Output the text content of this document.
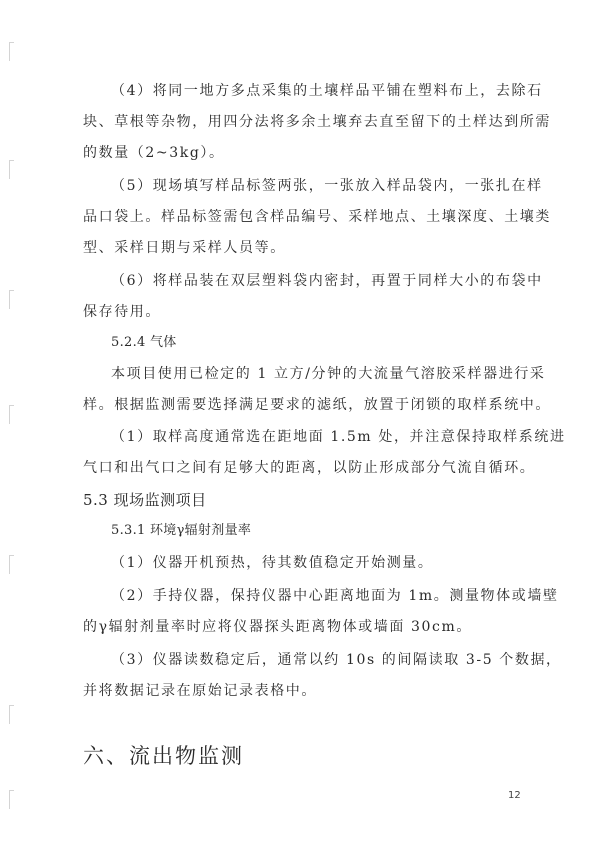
（4）将同一地方多点采集的土壤样品平铺在塑料布上，去除石
块、草根等杂物，用四分法将多余土壤弃去直至留下的土样达到所需
的数量（2~3kg）。
（5）现场填写样品标签两张，一张放入样品袋内，一张扎在样
品口袋上。样品标签需包含样品编号、采样地点、土壤深度、土壤类
型、采样日期与采样人员等。
（6）将样品装在双层塑料袋内密封，再置于同样大小的布袋中
保存待用。
5.2.4 气体
本项目使用已检定的 1 立方/分钟的大流量气溶胶采样器进行采
样。根据监测需要选择满足要求的滤纸，放置于闭锁的取样系统中。
（1）取样高度通常选在距地面 1.5m 处，并注意保持取样系统进
气口和出气口之间有足够大的距离，以防止形成部分气流自循环。
5.3 现场监测项目
5.3.1 环境γ辐射剂量率
（1）仪器开机预热，待其数值稳定开始测量。
（2）手持仪器，保持仪器中心距离地面为 1m。测量物体或墙壁
的γ辐射剂量率时应将仪器探头距离物体或墙面 30cm。
（3）仪器读数稳定后，通常以约 10s 的间隔读取 3-5 个数据，
并将数据记录在原始记录表格中。
六、流出物监测
12
